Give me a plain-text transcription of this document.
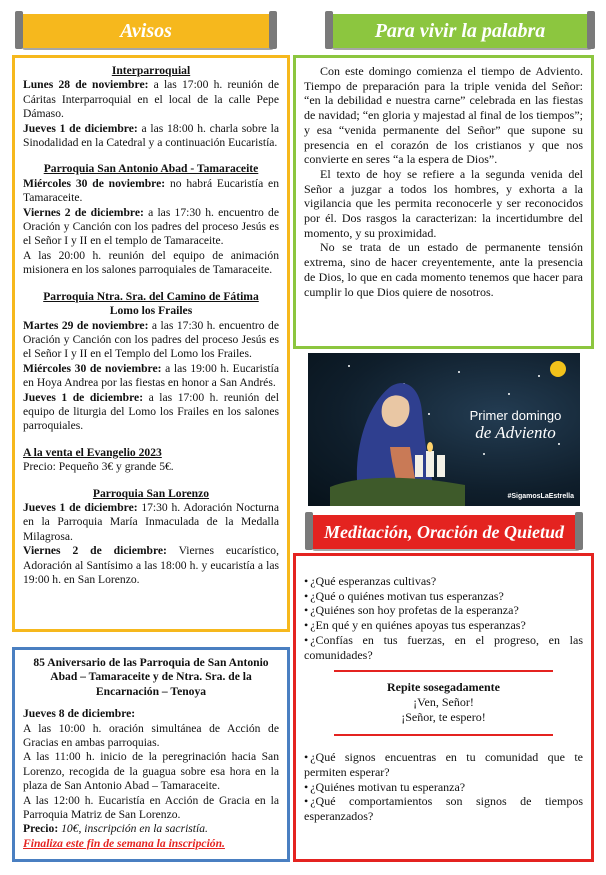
Avisos	Para vivir la palabra
Meditación, Oración de Quietud
Interparroquial

Lunes 28 de noviembre: a las 17:00 h. reunión de Cáritas Interparroquial en el local de la calle Pepe Dámaso.

Jueves 1 de diciembre: a las 18:00 h. charla sobre la Sinodalidad en la Catedral y a continuación Eucaristía.

Parroquia San Antonio Abad - Tamaraceite

Miércoles 30 de noviembre: no habrá Eucaristía en Tamaraceite.

Viernes 2 de diciembre: a las 17:30 h. encuentro de Oración y Canción con los padres del proceso Jesús es el Señor I y II en el templo de Tamaraceite.

A las 20:00 h. reunión del equipo de animación misionera en los salones parroquiales de Tamaraceite.

Parroquia Ntra. Sra. del Camino de Fátima
Lomo los Frailes

Martes 29 de noviembre: a las 17:30 h. encuentro de Oración y Canción con los padres del proceso Jesús es el Señor I y II en el Templo del Lomo los Frailes.

Miércoles 30 de noviembre: a las 19:00 h. Eucaristía en Hoya Andrea por las fiestas en honor a San Andrés.

Jueves 1 de diciembre: a las 17:00 h. reunión del equipo de liturgia del Lomo los Frailes en los salones parroquiales.

A la venta el Evangelio 2023

Precio: Pequeño 3€ y grande 5€.

Parroquia San Lorenzo

Jueves 1 de diciembre: 17:30 h. Adoración Nocturna en la Parroquia María Inmaculada de la Medalla Milagrosa.

Viernes 2 de diciembre: Viernes eucarístico, Adoración al Santísimo a las 18:00 h. y eucaristía a las 19:00 h. en San Lorenzo.

85 Aniversario de las Parroquia de San Antonio Abad – Tamaraceite y de Ntra. Sra. de la Encarnación – Tenoya

Jueves 8 de diciembre:

A las 10:00 h. oración simultánea de Acción de Gracias en ambas parroquias.

A las 11:00 h. inicio de la peregrinación hacia San Lorenzo, recogida de la guagua sobre esa hora en la plaza de San Antonio Abad – Tamaraceite.

A las 12:00 h. Eucaristía en Acción de Gracia en la Parroquia Matriz de San Lorenzo.

Precio: 10€, inscripción en la sacristía.

Finaliza este fin de semana la inscripción.

Con este domingo comienza el tiempo de Adviento. Tiempo de preparación para la triple venida del Señor: “en la debilidad e nuestra carne” celebrada en las fiestas de navidad; “en gloria y majestad al final de los tiempos”; y esa “venida permanente del Señor” que supone su presencia en el corazón de los cristianos y que nos convierte en seres “a la espera de Dios”.

El texto de hoy se refiere a la segunda venida del Señor a juzgar a todos los hombres, y exhorta a la vigilancia que les permita reconocerle y ser reconocidos por él. Dos rasgos la caracterizan: la incertidumbre del momento, y su proximidad.

No se trata de un estado de permanente tensión extrema, sino de hacer creyentemente, ante la presencia de Dios, lo que en cada momento tenemos que hacer para cumplir lo que Dios quiere de nosotros.

Primer domingo
de Adviento
#SigamosLaEstrella

• ¿Qué esperanzas cultivas?

• ¿Qué o quiénes motivan tus esperanzas?

• ¿Quiénes son hoy profetas de la esperanza?

• ¿En qué y en quiénes apoyas tus esperanzas?

• ¿Confías en tus fuerzas, en el progreso, en las comunidades?

Repite sosegadamente

¡Ven, Señor!

¡Señor, te espero!

• ¿Qué signos encuentras en tu comunidad que te permiten esperar?

• ¿Quiénes motivan tu esperanza?

• ¿Qué comportamientos son signos de tiempos esperanzados?
